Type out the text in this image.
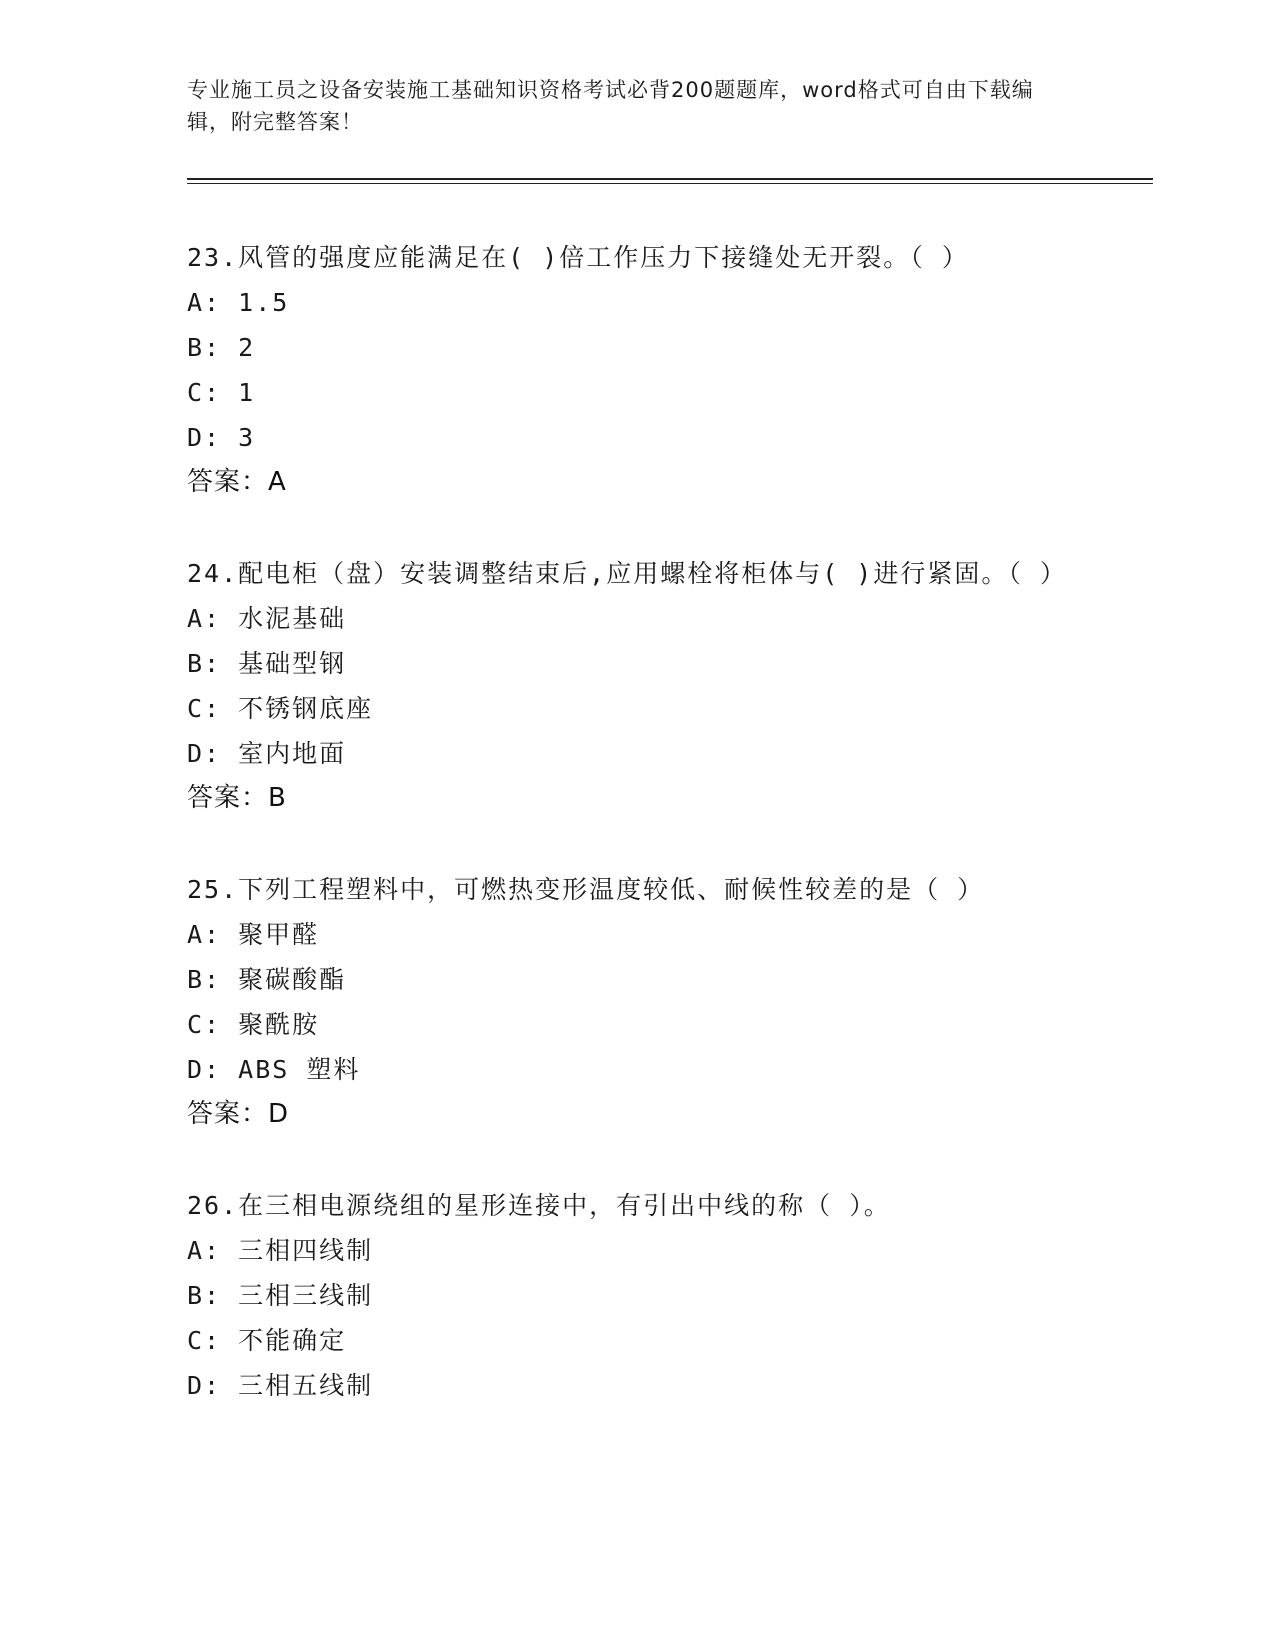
专业施工员之设备安装施工基础知识资格考试必背200题题库，word格式可自由下载编辑，附完整答案！
23.风管的强度应能满足在( )倍工作压力下接缝处无开裂。（ ）
A: 1.5
B: 2
C: 1
D: 3
答案：A
24.配电柜（盘）安装调整结束后,应用螺栓将柜体与( )进行紧固。（ ）
A: 水泥基础
B: 基础型钢
C: 不锈钢底座
D: 室内地面
答案：B
25.下列工程塑料中，可燃热变形温度较低、耐候性较差的是（ ）
A: 聚甲醛
B: 聚碳酸酯
C: 聚酰胺
D: ABS 塑料
答案：D
26.在三相电源绕组的星形连接中，有引出中线的称（ ）。
A: 三相四线制
B: 三相三线制
C: 不能确定
D: 三相五线制
